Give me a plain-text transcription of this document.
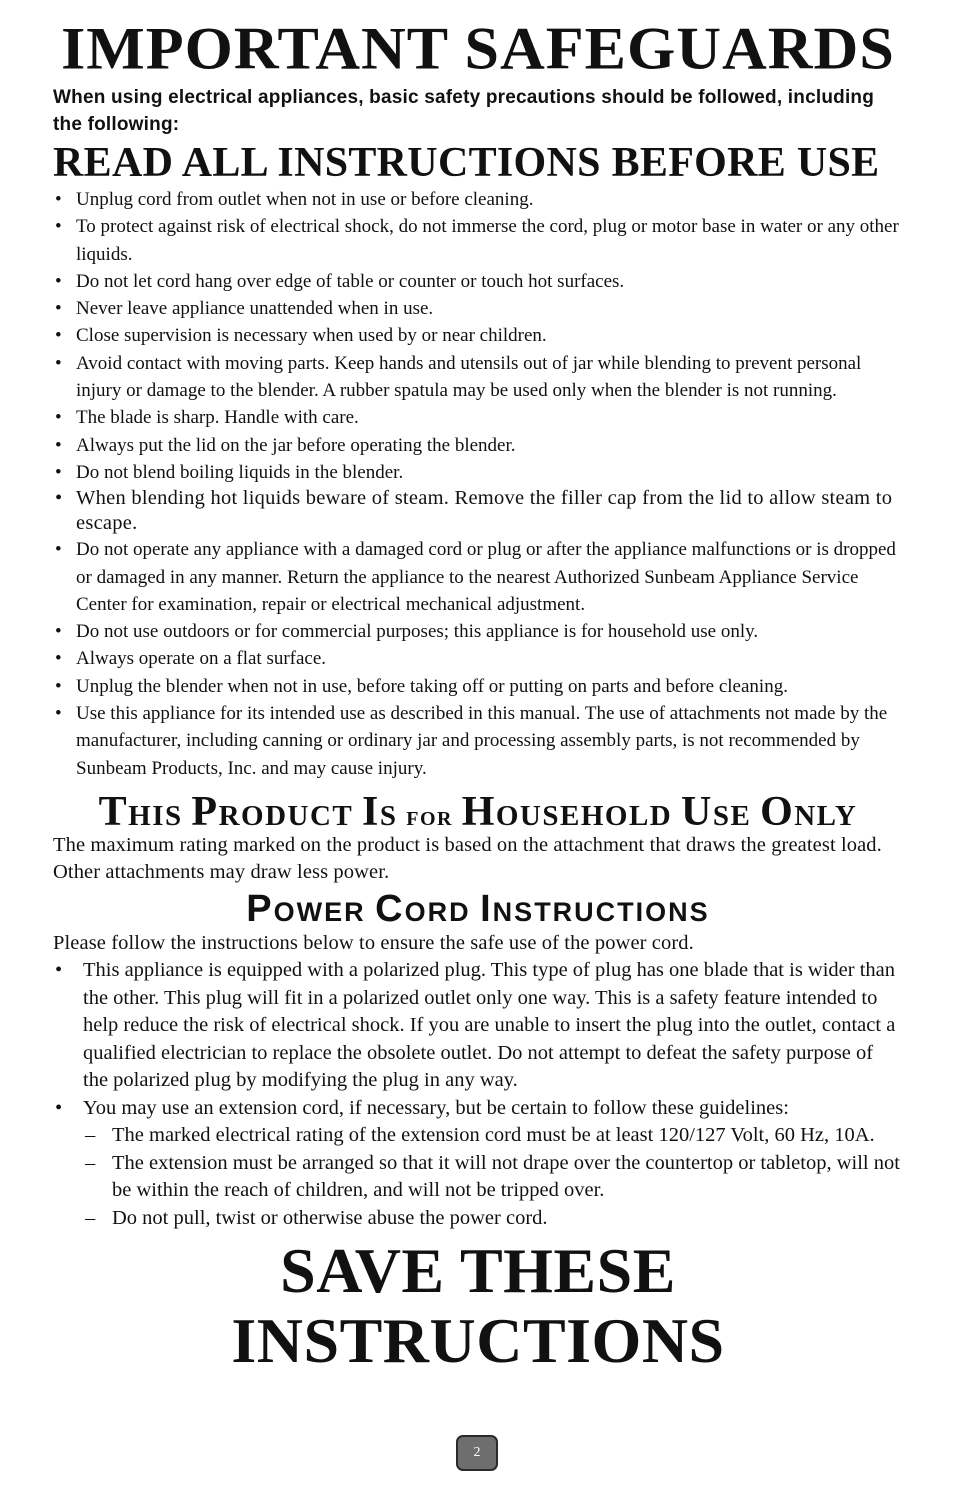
IMPORTANT SAFEGUARDS

When using electrical appliances, basic safety precautions should be followed, including the following:

READ ALL INSTRUCTIONS BEFORE USE
• Unplug cord from outlet when not in use or before cleaning.
• To protect against risk of electrical shock, do not immerse the cord, plug or motor base in water or any other liquids.
• Do not let cord hang over edge of table or counter or touch hot surfaces.
• Never leave appliance unattended when in use.
• Close supervision is necessary when used by or near children.
• Avoid contact with moving parts. Keep hands and utensils out of jar while blending to prevent personal injury or damage to the blender. A rubber spatula may be used only when the blender is not running.
• The blade is sharp. Handle with care.
• Always put the lid on the jar before operating the blender.
• Do not blend boiling liquids in the blender.
• When blending hot liquids beware of steam. Remove the filler cap from the lid to allow steam to escape.
• Do not operate any appliance with a damaged cord or plug or after the appliance malfunctions or is dropped or damaged in any manner. Return the appliance to the nearest Authorized Sunbeam Appliance Service Center for examination, repair or electrical mechanical adjustment.
• Do not use outdoors or for commercial purposes; this appliance is for household use only.
• Always operate on a flat surface.
• Unplug the blender when not in use, before taking off or putting on parts and before cleaning.
• Use this appliance for its intended use as described in this manual. The use of attachments not made by the manufacturer, including canning or ordinary jar and processing assembly parts, is not recommended by Sunbeam Products, Inc. and may cause injury.
This Product Is for Household Use Only

The maximum rating marked on the product is based on the attachment that draws the greatest load. Other attachments may draw less power.

Power Cord Instructions

Please follow the instructions below to ensure the safe use of the power cord.

• This appliance is equipped with a polarized plug. This type of plug has one blade that is wider than the other. This plug will fit in a polarized outlet only one way. This is a safety feature intended to help reduce the risk of electrical shock. If you are unable to insert the plug into the outlet, contact a qualified electrician to replace the obsolete outlet. Do not attempt to defeat the safety purpose of the polarized plug by modifying the plug in any way.
• You may use an extension cord, if necessary, but be certain to follow these guidelines:
– The marked electrical rating of the extension cord must be at least 120/127 Volt, 60 Hz, 10A.
– The extension must be arranged so that it will not drape over the countertop or tabletop, will not be within the reach of children, and will not be tripped over.
– Do not pull, twist or otherwise abuse the power cord.
SAVE THESE INSTRUCTIONS
2
